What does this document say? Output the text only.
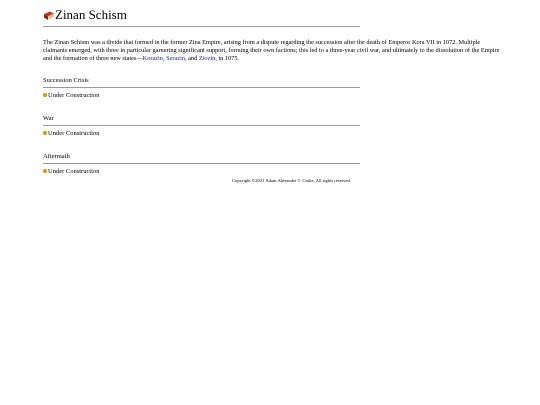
Zinan Schism

The Zinan Schism was a divide that formed in the former Zina Empire, arising from a dispute regarding the succession after the death of Emperor Kora VII in 1072. Multiple claimants emerged, with three in particular garnering significant support, forming their own factions; this led to a three-year civil war, and ultimately to the dissolution of the Empire and the formation of three new states—Korazin, Serazin, and Ziozin, in 1075.

Succession Crisis
Under Construction
War
Under Construction
Aftermath
Under Construction
Copyright ©2021 Adam Alexander T. Croke. All rights reserved.
